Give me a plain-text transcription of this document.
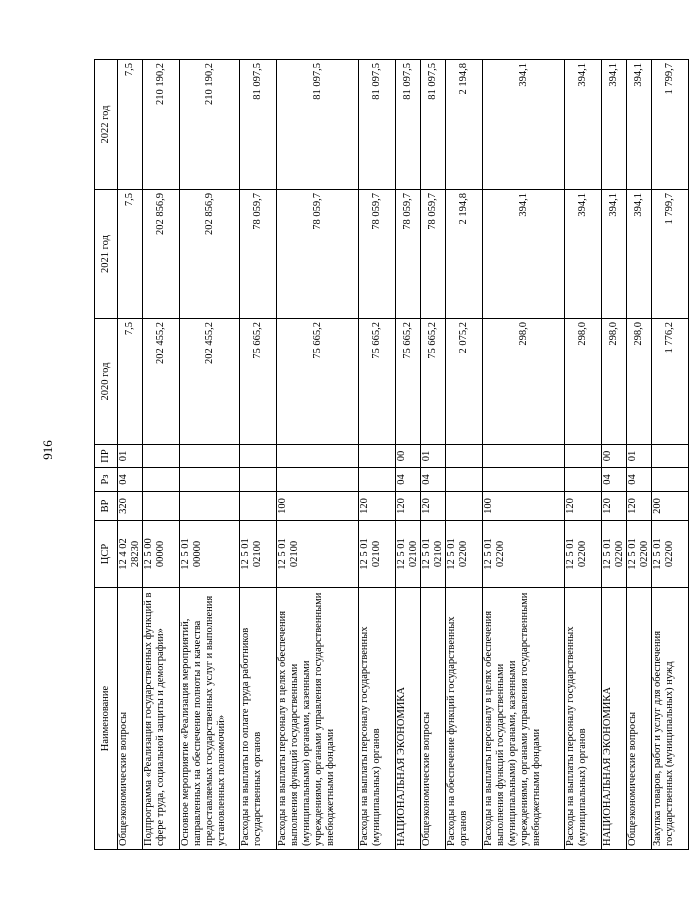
916
Наименование	ЦСР	ВР	Рз	ПР	2020 год	2021 год	2022 год
Общеэкономические вопросы	12 4 02 28230	320	04	01	7,5	7,5	7,5
Подпрограмма «Реализация государственных функций в сфере труда, социальной защиты и демографии»	12 5 00 00000				202 455,2	202 856,9	210 190,2
Основное мероприятие «Реализация мероприятий, направленных на обеспечение полноты и качества предоставляемых государственных услуг и выполнения установленных полномочий»	12 5 01 00000				202 455,2	202 856,9	210 190,2
Расходы на выплаты по оплате труда работников государственных органов	12 5 01 02100				75 665,2	78 059,7	81 097,5
Расходы на выплаты персоналу в целях обеспечения выполнения функций государственными (муниципальными) органами, казенными учреждениями, органами управления государственными внебюджетными фондами	12 5 01 02100	100			75 665,2	78 059,7	81 097,5
Расходы на выплаты персоналу государственных (муниципальных) органов	12 5 01 02100	120			75 665,2	78 059,7	81 097,5
НАЦИОНАЛЬНАЯ ЭКОНОМИКА	12 5 01 02100	120	04	00	75 665,2	78 059,7	81 097,5
Общеэкономические вопросы	12 5 01 02100	120	04	01	75 665,2	78 059,7	81 097,5
Расходы на обеспечение функций государственных органов	12 5 01 02200				2 075,2	2 194,8	2 194,8
Расходы на выплаты персоналу в целях обеспечения выполнения функций государственными (муниципальными) органами, казенными учреждениями, органами управления государственными внебюджетными фондами	12 5 01 02200	100			298,0	394,1	394,1
Расходы на выплаты персоналу государственных (муниципальных) органов	12 5 01 02200	120			298,0	394,1	394,1
НАЦИОНАЛЬНАЯ ЭКОНОМИКА	12 5 01 02200	120	04	00	298,0	394,1	394,1
Общеэкономические вопросы	12 5 01 02200	120	04	01	298,0	394,1	394,1
Закупка товаров, работ и услуг для обеспечения государственных (муниципальных) нужд	12 5 01 02200	200			1 776,2	1 799,7	1 799,7
